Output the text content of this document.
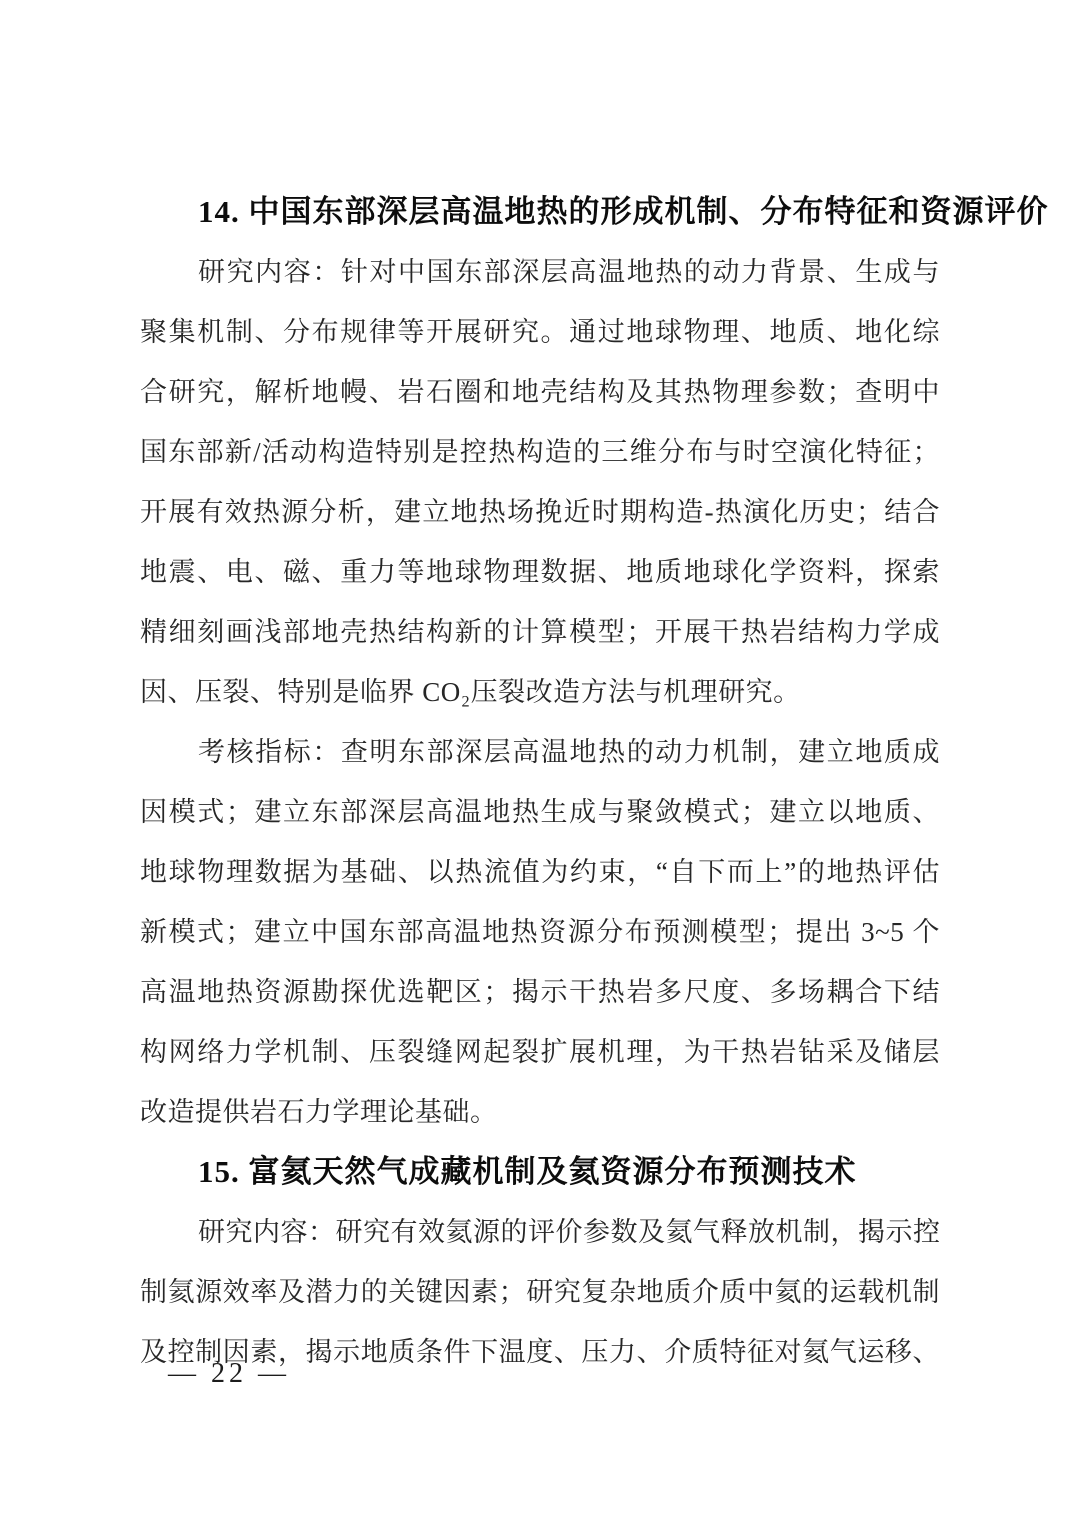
14. 中国东部深层高温地热的形成机制、分布特征和资源评价
研究内容：针对中国东部深层高温地热的动力背景、生成与
聚集机制、分布规律等开展研究。通过地球物理、地质、地化综
合研究，解析地幔、岩石圈和地壳结构及其热物理参数；查明中
国东部新/活动构造特别是控热构造的三维分布与时空演化特征；
开展有效热源分析，建立地热场挽近时期构造-热演化历史；结合
地震、电、磁、重力等地球物理数据、地质地球化学资料，探索
精细刻画浅部地壳热结构新的计算模型；开展干热岩结构力学成
因、压裂、特别是临界 CO₂压裂改造方法与机理研究。
考核指标：查明东部深层高温地热的动力机制，建立地质成
因模式；建立东部深层高温地热生成与聚敛模式；建立以地质、
地球物理数据为基础、以热流值为约束，“自下而上”的地热评估
新模式；建立中国东部高温地热资源分布预测模型；提出 3~5 个
高温地热资源勘探优选靶区；揭示干热岩多尺度、多场耦合下结
构网络力学机制、压裂缝网起裂扩展机理，为干热岩钻采及储层
改造提供岩石力学理论基础。
15. 富氦天然气成藏机制及氦资源分布预测技术
研究内容：研究有效氦源的评价参数及氦气释放机制，揭示控
制氦源效率及潜力的关键因素；研究复杂地质介质中氦的运载机制
及控制因素，揭示地质条件下温度、压力、介质特征对氦气运移、
— 22 —
